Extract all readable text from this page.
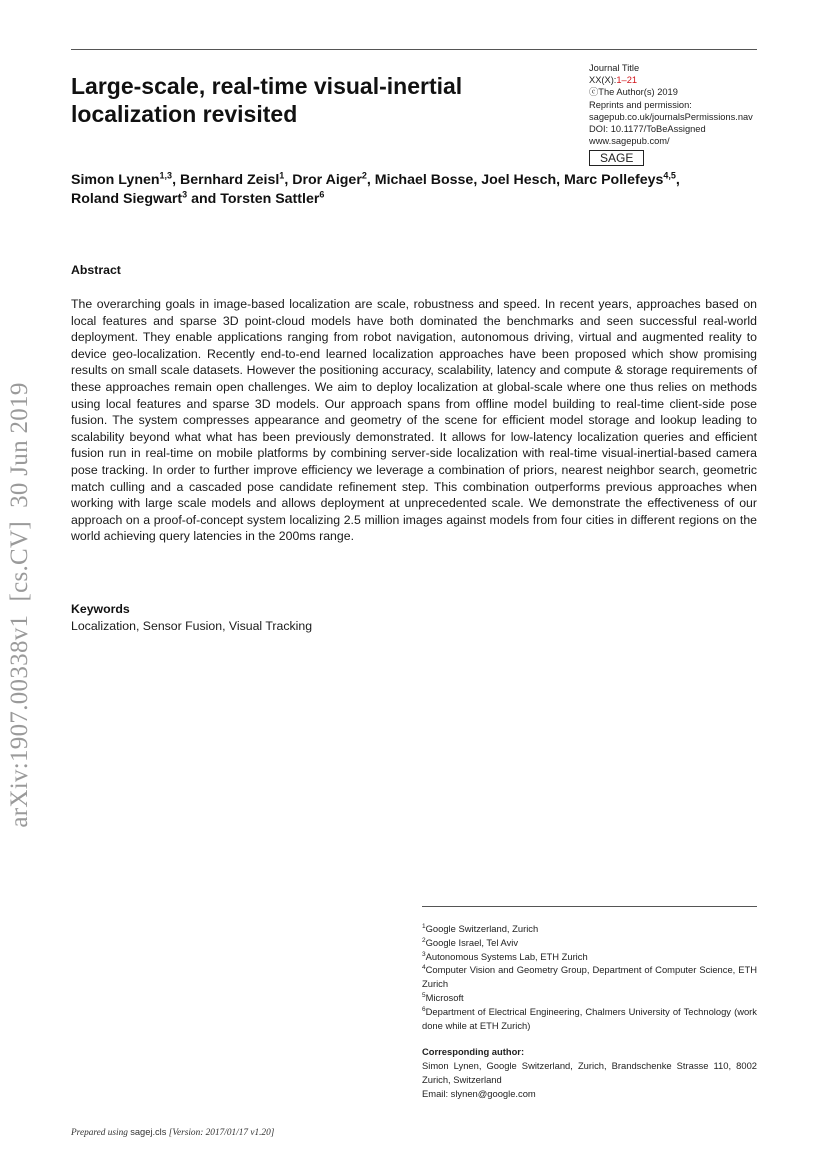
Large-scale, real-time visual-inertial localization revisited
Journal Title
XX(X):1–21
ⓒThe Author(s) 2019
Reprints and permission:
sagepub.co.uk/journalsPermissions.nav
DOI: 10.1177/ToBeAssigned
www.sagepub.com/
SAGE
Simon Lynen$^{1,3}$, Bernhard Zeisl$^1$, Dror Aiger$^2$, Michael Bosse, Joel Hesch, Marc Pollefeys$^{4,5}$,
Roland Siegwart$^3$ and Torsten Sattler$^6$
Abstract
The overarching goals in image-based localization are scale, robustness and speed. In recent years, approaches based on local features and sparse 3D point-cloud models have both dominated the benchmarks and seen successful real-world deployment. They enable applications ranging from robot navigation, autonomous driving, virtual and augmented reality to device geo-localization. Recently end-to-end learned localization approaches have been proposed which show promising results on small scale datasets. However the positioning accuracy, scalability, latency and compute & storage requirements of these approaches remain open challenges. We aim to deploy localization at global-scale where one thus relies on methods using local features and sparse 3D models. Our approach spans from offline model building to real-time client-side pose fusion. The system compresses appearance and geometry of the scene for efficient model storage and lookup leading to scalability beyond what what has been previously demonstrated. It allows for low-latency localization queries and efficient fusion run in real-time on mobile platforms by combining server-side localization with real-time visual-inertial-based camera pose tracking. In order to further improve efficiency we leverage a combination of priors, nearest neighbor search, geometric match culling and a cascaded pose candidate refinement step. This combination outperforms previous approaches when working with large scale models and allows deployment at unprecedented scale. We demonstrate the effectiveness of our approach on a proof-of-concept system localizing 2.5 million images against models from four cities in different regions on the world achieving query latencies in the 200ms range.
Keywords
Localization, Sensor Fusion, Visual Tracking
arXiv:1907.00338v1  [cs.CV]  30 Jun 2019
$^1$Google Switzerland, Zurich
$^2$Google Israel, Tel Aviv
$^3$Autonomous Systems Lab, ETH Zurich
$^4$Computer Vision and Geometry Group, Department of Computer Science, ETH Zurich
$^5$Microsoft
$^6$Department of Electrical Engineering, Chalmers University of Technology (work done while at ETH Zurich)
Corresponding author:
Simon Lynen, Google Switzerland, Zurich, Brandschenke Strasse 110, 8002 Zurich, Switzerland
Email: slynen@google.com
Prepared using sagej.cls [Version: 2017/01/17 v1.20]
